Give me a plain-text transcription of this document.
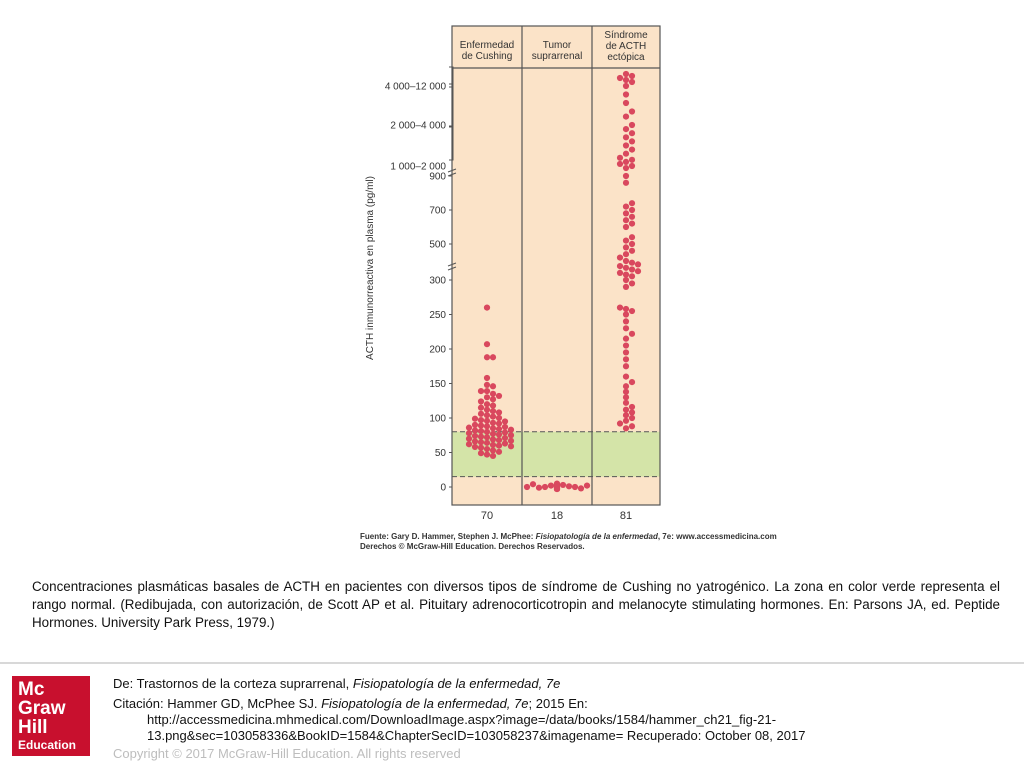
Enfermedad
de Cushing
70
Tumor
suprarrenal
18
Síndrome
de ACTH
ectópica
81
0
50
100
150
200
250
300
500
700
900
1 000–2 000
2 000–4 000
4 000–12 000
ACTH inmunorreactiva en plasma (pg/ml)
Fuente: Gary D. Hammer, Stephen J. McPhee: Fisiopatología de la enfermedad, 7e: www.accessmedicina.com
Derechos © McGraw-Hill Education. Derechos Reservados.
Concentraciones plasmáticas basales de ACTH en pacientes con diversos tipos de síndrome de Cushing no yatrogénico. La zona en color verde representa el rango normal. (Redibujada, con autorización, de Scott AP et al. Pituitary adrenocorticotropin and melanocyte stimulating hormones. En: Parsons JA, ed. Peptide Hormones. University Park Press, 1979.)
Mc
Graw
Hill
Education
De: Trastornos de la corteza suprarrenal, Fisiopatología de la enfermedad, 7e
Citación: Hammer GD, McPhee SJ. Fisiopatología de la enfermedad, 7e; 2015 En:
http://accessmedicina.mhmedical.com/DownloadImage.aspx?image=/data/books/1584/hammer_ch21_fig-21-13.png&sec=103058336&BookID=1584&ChapterSecID=103058237&imagename= Recuperado: October 08, 2017
Copyright © 2017 McGraw-Hill Education. All rights reserved
